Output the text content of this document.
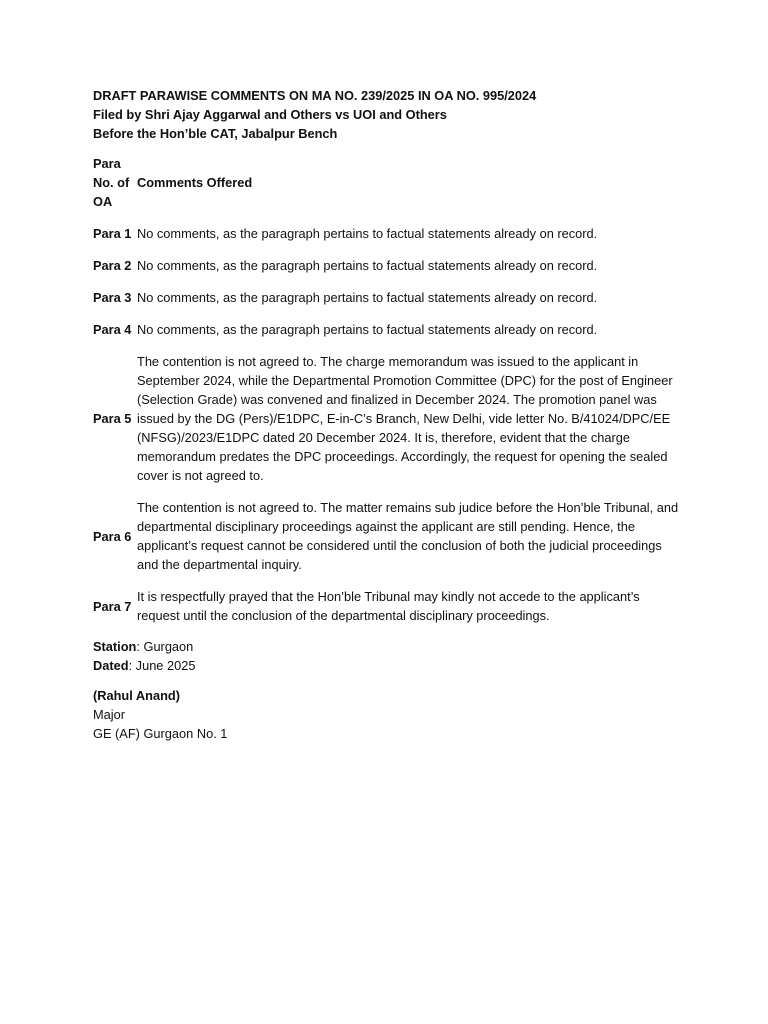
DRAFT PARAWISE COMMENTS ON MA NO. 239/2025 IN OA NO. 995/2024
Filed by Shri Ajay Aggarwal and Others vs UOI and Others
Before the Hon’ble CAT, Jabalpur Bench
Para
No. of
OA	Comments Offered

Para 1	No comments, as the paragraph pertains to factual statements already on record.

Para 2	No comments, as the paragraph pertains to factual statements already on record.

Para 3	No comments, as the paragraph pertains to factual statements already on record.

Para 4	No comments, as the paragraph pertains to factual statements already on record.

Para 5	The contention is not agreed to. The charge memorandum was issued to the applicant in September 2024, while the Departmental Promotion Committee (DPC) for the post of Engineer (Selection Grade) was convened and finalized in December 2024. The promotion panel was issued by the DG (Pers)/E1DPC, E-in-C’s Branch, New Delhi, vide letter No. B/41024/DPC/EE (NFSG)/2023/E1DPC dated 20 December 2024. It is, therefore, evident that the charge memorandum predates the DPC proceedings. Accordingly, the request for opening the sealed cover is not agreed to.

Para 6	The contention is not agreed to. The matter remains sub judice before the Hon’ble Tribunal, and departmental disciplinary proceedings against the applicant are still pending. Hence, the applicant’s request cannot be considered until the conclusion of both the judicial proceedings and the departmental inquiry.

Para 7	It is respectfully prayed that the Hon’ble Tribunal may kindly not accede to the applicant’s request until the conclusion of the departmental disciplinary proceedings.
Station: Gurgaon
Dated: June 2025
(Rahul Anand)
Major
GE (AF) Gurgaon No. 1
